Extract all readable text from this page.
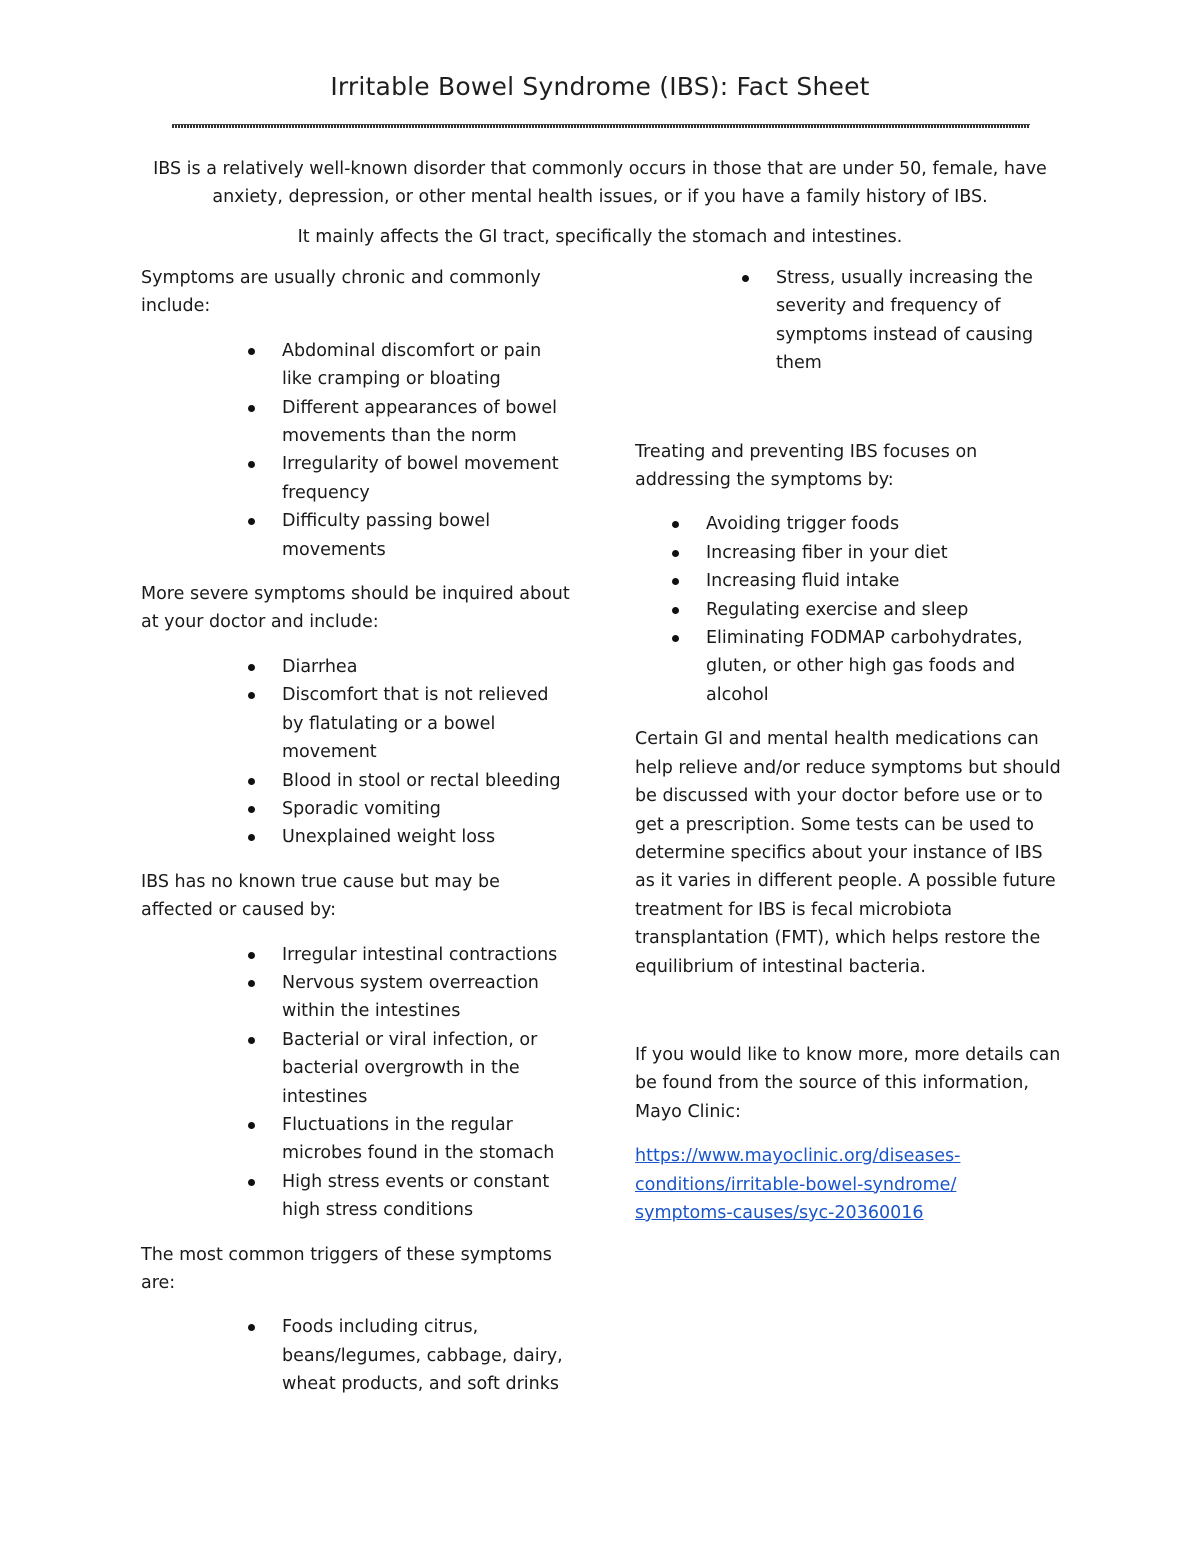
Irritable Bowel Syndrome (IBS): Fact Sheet

IBS is a relatively well-known disorder that commonly occurs in those that are under 50, female, have anxiety, depression, or other mental health issues, or if you have a family history of IBS.

It mainly affects the GI tract, specifically the stomach and intestines.

Symptoms are usually chronic and commonly include:

Abdominal discomfort or pain like cramping or bloating
Different appearances of bowel movements than the norm
Irregularity of bowel movement frequency
Difficulty passing bowel movements

More severe symptoms should be inquired about at your doctor and include:

Diarrhea
Discomfort that is not relieved by flatulating or a bowel movement
Blood in stool or rectal bleeding
Sporadic vomiting
Unexplained weight loss

IBS has no known true cause but may be affected or caused by:

Irregular intestinal contractions
Nervous system overreaction within the intestines
Bacterial or viral infection, or bacterial overgrowth in the intestines
Fluctuations in the regular microbes found in the stomach
High stress events or constant high stress conditions

The most common triggers of these symptoms are:

Foods including citrus, beans/legumes, cabbage, dairy, wheat products, and soft drinks
Stress, usually increasing the severity and frequency of symptoms instead of causing them

Treating and preventing IBS focuses on addressing the symptoms by:

Avoiding trigger foods
Increasing fiber in your diet
Increasing fluid intake
Regulating exercise and sleep
Eliminating FODMAP carbohydrates, gluten, or other high gas foods and alcohol

Certain GI and mental health medications can help relieve and/or reduce symptoms but should be discussed with your doctor before use or to get a prescription. Some tests can be used to determine specifics about your instance of IBS as it varies in different people. A possible future treatment for IBS is fecal microbiota transplantation (FMT), which helps restore the equilibrium of intestinal bacteria.

If you would like to know more, more details can be found from the source of this information, Mayo Clinic:

https://www.mayoclinic.org/diseases-
conditions/irritable-bowel-syndrome/
symptoms-causes/syc-20360016
